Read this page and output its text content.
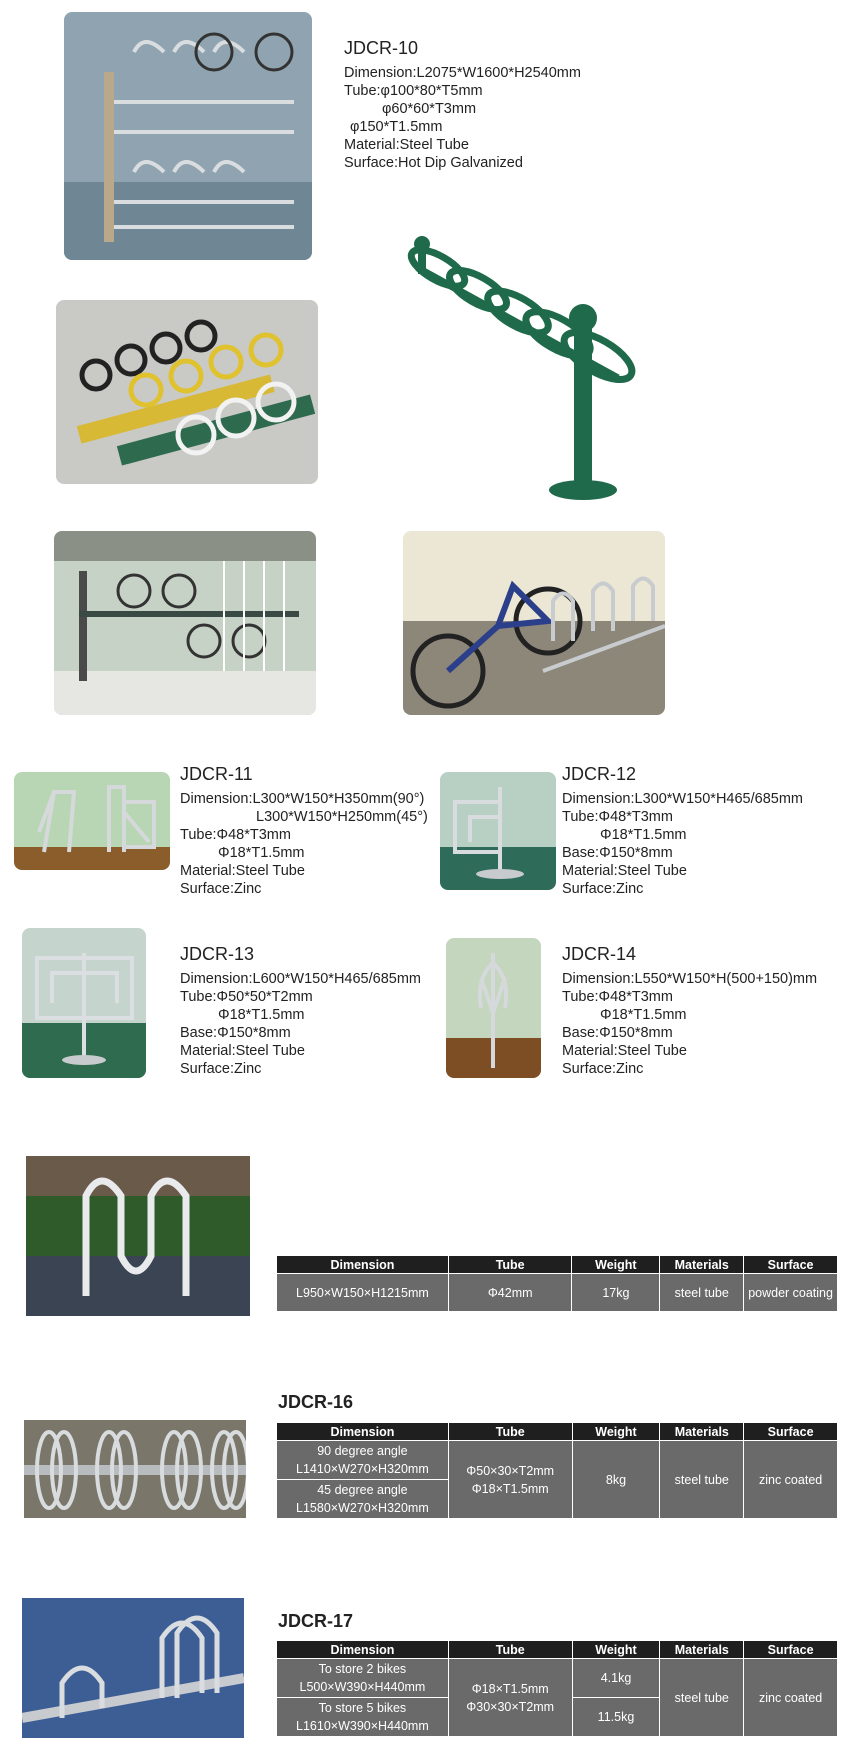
JDCR-10
Dimension:L2075*W1600*H2540mm
Tube:φ100*80*T5mm
φ60*60*T3mm
φ150*T1.5mm
Material:Steel Tube
Surface:Hot Dip Galvanized
JDCR-11
Dimension:L300*W150*H350mm(90°)
L300*W150*H250mm(45°)
Tube:Φ48*T3mm
Φ18*T1.5mm
Material:Steel Tube
Surface:Zinc
JDCR-12
Dimension:L300*W150*H465/685mm
Tube:Φ48*T3mm
Φ18*T1.5mm
Base:Φ150*8mm
Material:Steel Tube
Surface:Zinc
JDCR-13
Dimension:L600*W150*H465/685mm
Tube:Φ50*50*T2mm
Φ18*T1.5mm
Base:Φ150*8mm
Material:Steel Tube
Surface:Zinc
JDCR-14
Dimension:L550*W150*H(500+150)mm
Tube:Φ48*T3mm
Φ18*T1.5mm
Base:Φ150*8mm
Material:Steel Tube
Surface:Zinc
Dimension	Tube	Weight	Materials	Surface
L950×W150×H1215mm	Φ42mm	17kg	steel tube	powder coating
JDCR-16
Dimension	Tube	Weight	Materials	Surface
90 degree angle L1410×W270×H320mm	Φ50×30×T2mm Φ18×T1.5mm	8kg	steel tube	zinc coated
45 degree angle L1580×W270×H320mm				
JDCR-17
Dimension	Tube	Weight	Materials	Surface
To store 2 bikes L500×W390×H440mm	Φ18×T1.5mm Φ30×30×T2mm	4.1kg	steel tube	zinc coated
To store 5 bikes L1610×W390×H440mm		11.5kg		
